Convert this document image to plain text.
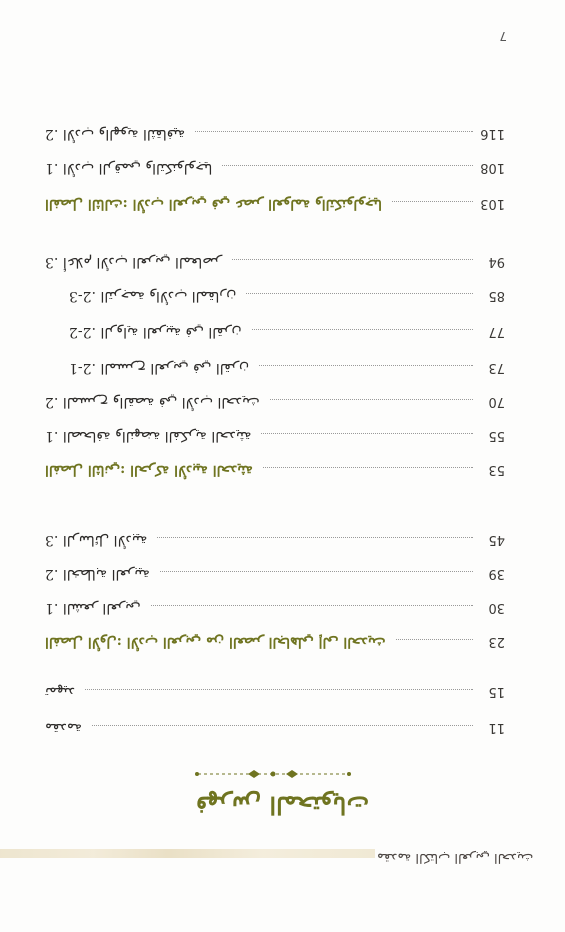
مقدمة الكتاب العربي الحديث
فهرس المحتويات
مقدمة	11
تمهيد	15
الفصل الأول: الأدب العربي من العصر الجاهلي إلى الحديث	23
1. الشعر العربي	30
2. الخطابة العربية	39
3. الرسائل الأدبية	45
الفصل الثاني: الحركة الأدبية الحديثة	53
1. الصحافة والنهضة الفكرية الحديثة	55
2. المسرح والقصة في الأدب الحديث	70
2-1. المسرح العربي في القرن	73
2-2. الرواية العربية في القرن	77
2-3. الترجمة والأدب المقارن	85
3. أعلام الأدب العربي المعاصر	94
الفصل الثالث: الأدب العربي في عصر العولمة والتكنولوجيا	103
1. الأدب الرقمي والتكنولوجيا	108
2. الأدب والهوية الثقافية	116
7
